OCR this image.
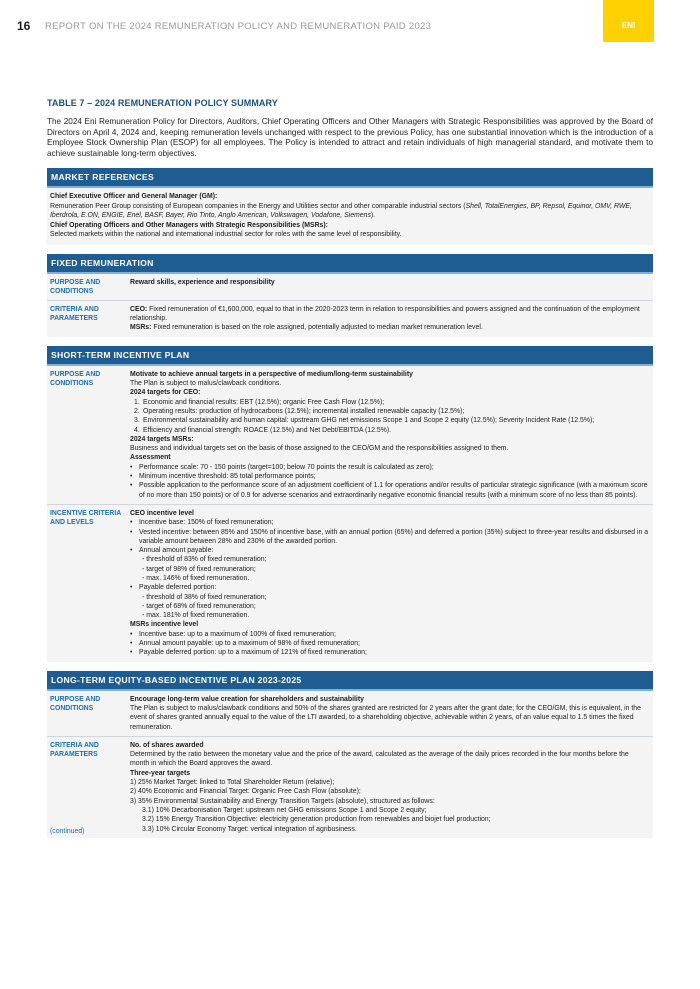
16 REPORT ON THE 2024 REMUNERATION POLICY AND REMUNERATION PAID 2023	ENI
TABLE 7 – 2024 REMUNERATION POLICY SUMMARY
The 2024 Eni Remuneration Policy for Directors, Auditors, Chief Operating Officers and Other Managers with Strategic Responsibilities was approved by the Board of Directors on April 4, 2024 and, keeping remuneration levels unchanged with respect to the previous Policy, has one substantial innovation which is the introduction of a Employee Stock Ownership Plan (ESOP) for all employees. The Policy is intended to attract and retain individuals of high managerial standard, and motivate them to achieve sustainable long-term objectives.
MARKET REFERENCES
Chief Executive Officer and General Manager (GM):
Remuneration Peer Group consisting of European companies in the Energy and Utilities sector and other comparable industrial sectors (Shell, TotalEnergies, BP, Repsol, Equinor, OMV, RWE, Iberdrola, E.ON, ENGIE, Enel, BASF, Bayer, Rio Tinto, Anglo American, Volkswagen, Vodafone, Siemens).
Chief Operating Officers and Other Managers with Strategic Responsibilities (MSRs):
Selected markets within the national and international industrial sector for roles with the same level of responsibility.
FIXED REMUNERATION
PURPOSE AND CONDITIONS
Reward skills, experience and responsibility
CRITERIA AND PARAMETERS
CEO: Fixed remuneration of €1,600,000, equal to that in the 2020-2023 term in relation to responsibilities and powers assigned and the continuation of the employment relationship.
MSRs: Fixed remuneration is based on the role assigned, potentially adjusted to median market remuneration level.
SHORT-TERM INCENTIVE PLAN
PURPOSE AND CONDITIONS
Motivate to achieve annual targets in a perspective of medium/long-term sustainability
The Plan is subject to malus/clawback conditions.
2024 targets for CEO:
1. Economic and financial results: EBT (12.5%); organic Free Cash Flow (12.5%);
2. Operating results: production of hydrocarbons (12.5%); incremental installed renewable capacity (12.5%);
3. Environmental sustainability and human capital: upstream GHG net emissions Scope 1 and Scope 2 equity (12.5%); Severity Incident Rate (12.5%);
4. Efficiency and financial strength: ROACE (12.5%) and Net Debt/EBITDA (12.5%).
2024 targets MSRs:
Business and individual targets set on the basis of those assigned to the CEO/GM and the responsibilities assigned to them.
Assessment
• Performance scale: 70 - 150 points (target=100; below 70 points the result is calculated as zero);
• Minimum incentive threshold: 85 total performance points;
• Possible application to the performance score of an adjustment coefficient of 1.1 for operations and/or results of particular strategic significance (with a maximum score of no more than 150 points) or of 0.9 for adverse scenarios and extraordinarily negative economic financial results (with a minimum score of no less than 85 points).
INCENTIVE CRITERIA AND LEVELS
CEO incentive level
• Incentive base: 150% of fixed remuneration;
• Vested incentive: between 85% and 150% of incentive base, with an annual portion (65%) and deferred a portion (35%) subject to three-year results and disbursed in a variable amount between 28% and 230% of the awarded portion.
• Annual amount payable:
- threshold of 83% of fixed remuneration;
- target of 98% of fixed remuneration;
- max. 146% of fixed remuneration.
• Payable deferred portion:
- threshold of 38% of fixed remuneration;
- target of 68% of fixed remuneration;
- max. 181% of fixed remuneration.
MSRs incentive level
• Incentive base: up to a maximum of 100% of fixed remuneration;
• Annual amount payable: up to a maximum of 98% of fixed remuneration;
• Payable deferred portion: up to a maximum of 121% of fixed remuneration;
LONG-TERM EQUITY-BASED INCENTIVE PLAN 2023-2025
PURPOSE AND CONDITIONS
Encourage long-term value creation for shareholders and sustainability
The Plan is subject to malus/clawback conditions and 50% of the shares granted are restricted for 2 years after the grant date; for the CEO/GM, this is equivalent, in the event of shares granted annually equal to the value of the LTI awarded, to a shareholding objective, achievable within 2 years, of an value equal to 1.5 times the fixed remuneration.
CRITERIA AND PARAMETERS
(continued)
No. of shares awarded
Determined by the ratio between the monetary value and the price of the award, calculated as the average of the daily prices recorded in the four months before the month in which the Board approves the award.
Three-year targets
1) 25% Market Target: linked to Total Shareholder Return (relative);
2) 40% Economic and Financial Target: Organic Free Cash Flow (absolute);
3) 35% Environmental Sustainability and Energy Transition Targets (absolute), structured as follows:
3.1) 10% Decarbonisation Target: upstream net GHG emissions Scope 1 and Scope 2 equity;
3.2) 15% Energy Transition Objective: electricity generation production from renewables and biojet fuel production;
3.3) 10% Circular Economy Target: vertical integration of agribusiness.
